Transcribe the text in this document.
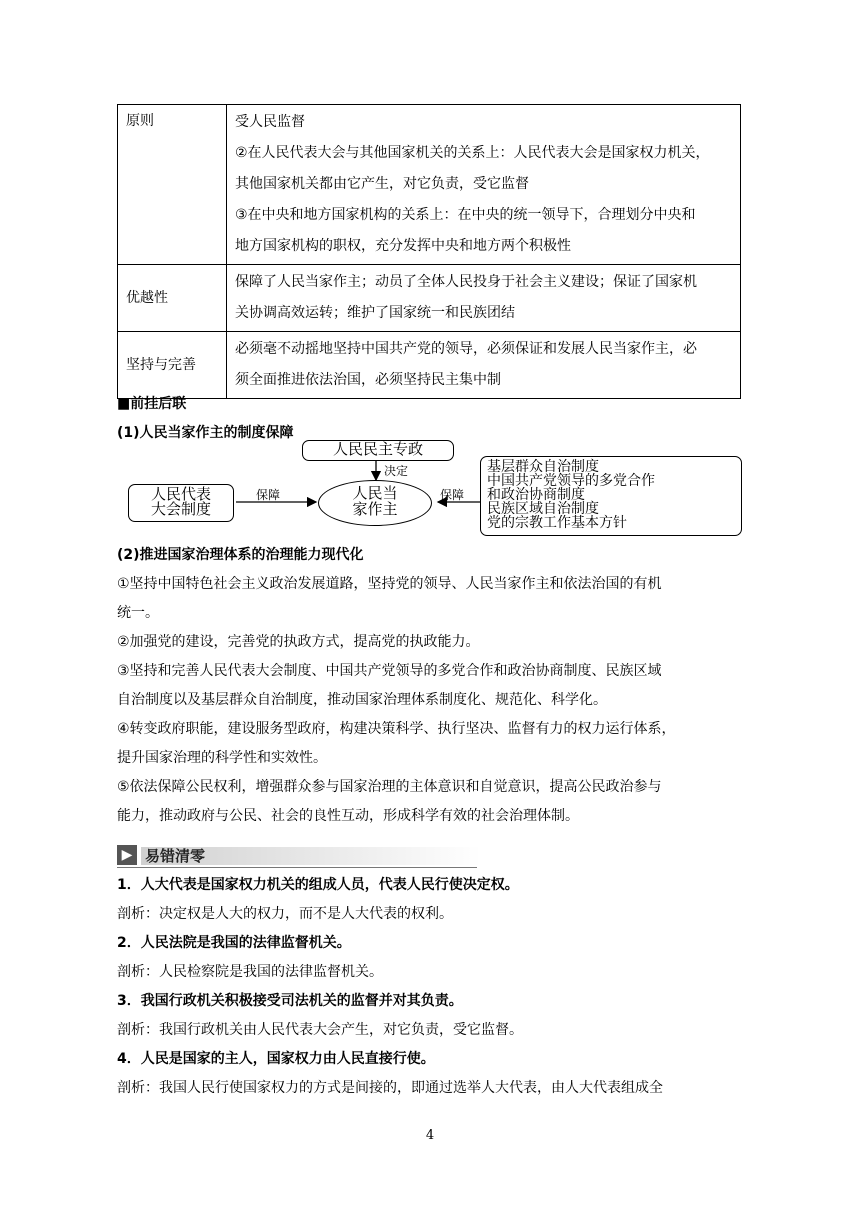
原则	受人民监督
②在人民代表大会与其他国家机关的关系上：人民代表大会是国家权力机关，
其他国家机关都由它产生，对它负责，受它监督
③在中央和地方国家机构的关系上：在中央的统一领导下，合理划分中央和
地方国家机构的职权，充分发挥中央和地方两个积极性

优越性	保障了人民当家作主；动员了全体人民投身于社会主义建设；保证了国家机
关协调高效运转；维护了国家统一和民族团结

坚持与完善	必须毫不动摇地坚持中国共产党的领导，必须保证和发展人民当家作主，必
须全面推进依法治国，必须坚持民主集中制
■前挂后联
(1)人民当家作主的制度保障
人民民主专政
决定
人民当
家作主
人民代表
大会制度
保障	保障
基层群众自治制度
中国共产党领导的多党合作
和政治协商制度
民族区域自治制度
党的宗教工作基本方针
(2)推进国家治理体系的治理能力现代化
①坚持中国特色社会主义政治发展道路，坚持党的领导、人民当家作主和依法治国的有机
统一。
②加强党的建设，完善党的执政方式，提高党的执政能力。
③坚持和完善人民代表大会制度、中国共产党领导的多党合作和政治协商制度、民族区域
自治制度以及基层群众自治制度，推动国家治理体系制度化、规范化、科学化。
④转变政府职能，建设服务型政府，构建决策科学、执行坚决、监督有力的权力运行体系，
提升国家治理的科学性和实效性。
⑤依法保障公民权利，增强群众参与国家治理的主体意识和自觉意识，提高公民政治参与
能力，推动政府与公民、社会的良性互动，形成科学有效的社会治理体制。
▶ 易错清零
1．人大代表是国家权力机关的组成人员，代表人民行使决定权。
剖析：决定权是人大的权力，而不是人大代表的权利。
2．人民法院是我国的法律监督机关。
剖析：人民检察院是我国的法律监督机关。
3．我国行政机关积极接受司法机关的监督并对其负责。
剖析：我国行政机关由人民代表大会产生，对它负责，受它监督。
4．人民是国家的主人，国家权力由人民直接行使。
剖析：我国人民行使国家权力的方式是间接的，即通过选举人大代表，由人大代表组成全
4
